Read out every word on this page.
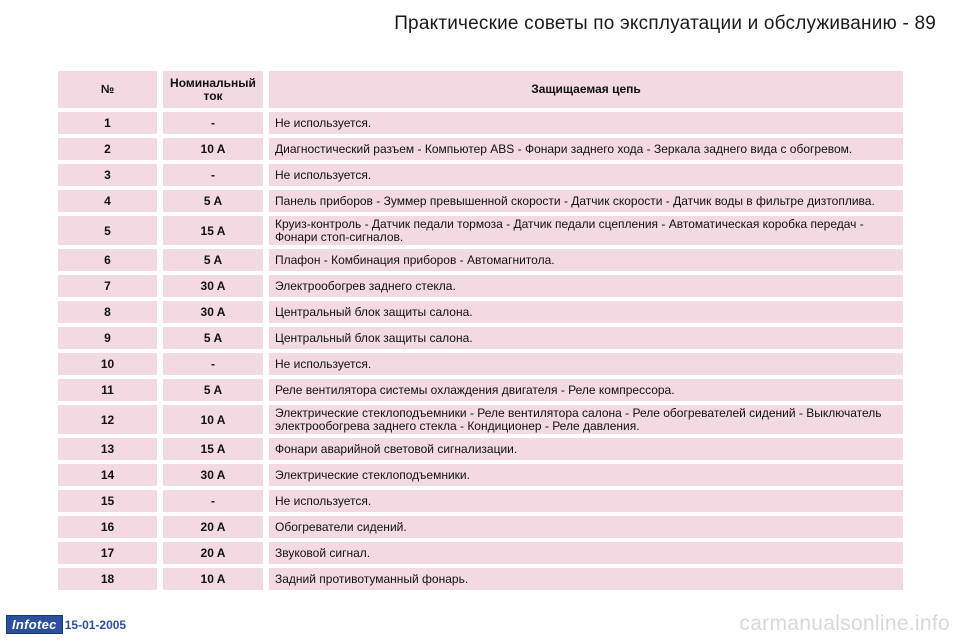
Практические советы по эксплуатации и обслуживанию - 89
№		Номинальный ток		Защищаемая цепь
1		-		Не используется.
2		10 A		Диагностический разъем - Компьютер ABS - Фонари заднего хода - Зеркала заднего вида с обогревом.
3		-		Не используется.
4		5 A		Панель приборов - Зуммер превышенной скорости - Датчик скорости - Датчик воды в фильтре дизтоплива.
5		15 A		Круиз-контроль - Датчик педали тормоза - Датчик педали сцепления - Автоматическая коробка передач - Фонари стоп-сигналов.
6		5 A		Плафон - Комбинация приборов - Автомагнитола.
7		30 A		Электрообогрев заднего стекла.
8		30 A		Центральный блок защиты салона.
9		5 A		Центральный блок защиты салона.
10		-		Не используется.
11		5 A		Реле вентилятора системы охлаждения двигателя - Реле компрессора.
12		10 A		Электрические стеклоподъемники - Реле вентилятора салона - Реле обогревателей сидений - Выключатель электрообогрева заднего стекла - Кондиционер - Реле давления.
13		15 A		Фонари аварийной световой сигнализации.
14		30 A		Электрические стеклоподъемники.
15		-		Не используется.
16		20 A		Обогреватели сидений.
17		20 A		Звуковой сигнал.
18		10 A		Задний противотуманный фонарь.
Infotec 15-01-2005	carmanualsonline.info
